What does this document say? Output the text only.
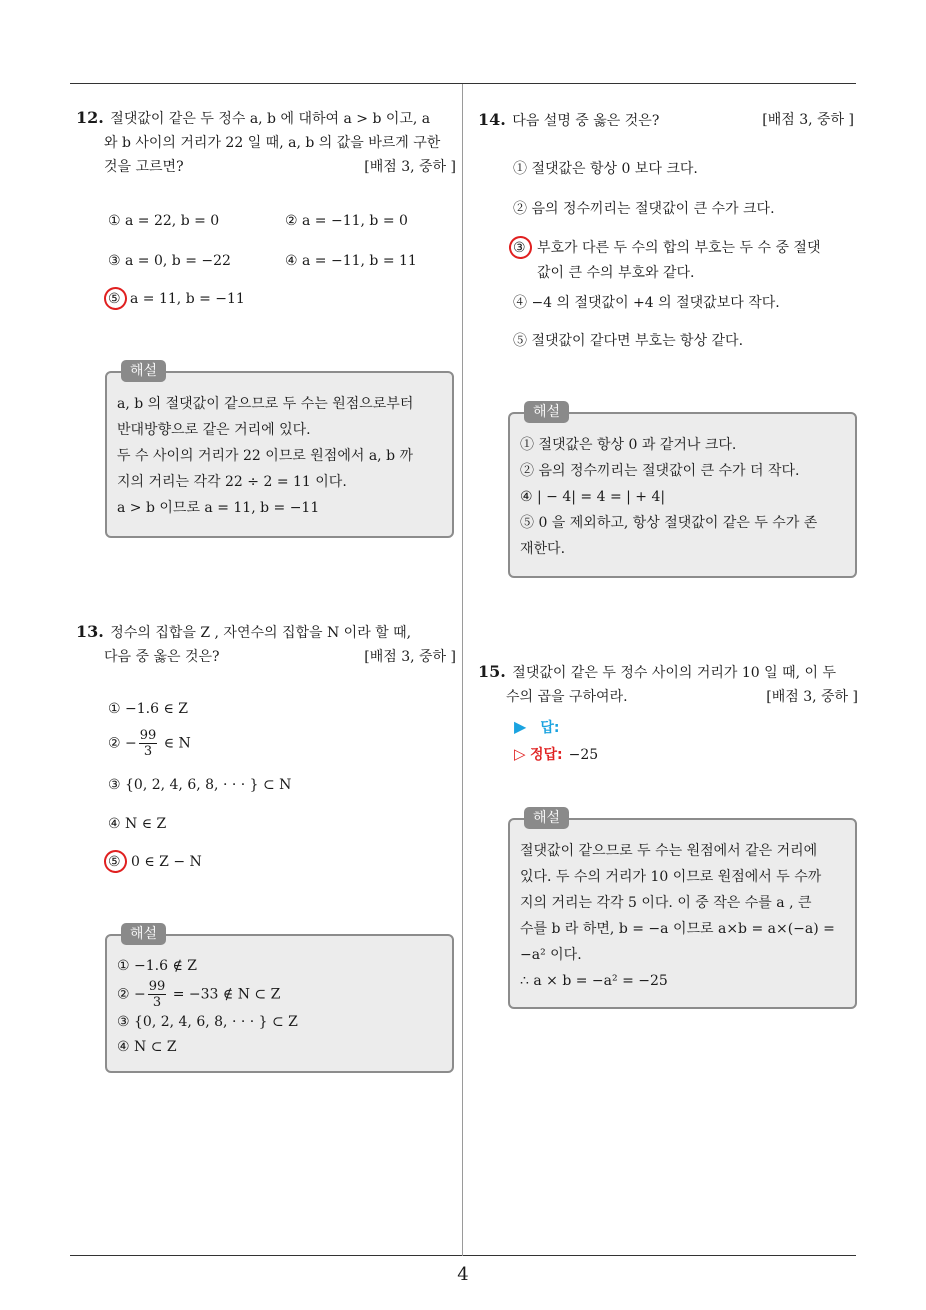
12. 절댓값이 같은 두 정수 a, b 에 대하여 a > b 이고, a
와 b 사이의 거리가 22 일 때, a, b 의 값을 바르게 구한
[배점 3, 중하 ]
것을 고르면?
① a = 22, b = 0	② a = −11, b = 0
③ a = 0, b = −22	④ a = −11, b = 11
⑤ a = 11, b = −11
해설
a, b 의 절댓값이 같으므로 두 수는 원점으로부터
반대방향으로 같은 거리에 있다.
두 수 사이의 거리가 22 이므로 원점에서 a, b 까
지의 거리는 각각 22 ÷ 2 = 11 이다.
a > b 이므로 a = 11, b = −11
13. 정수의 집합을 Z , 자연수의 집합을 N 이라 할 때,
[배점 3, 중하 ]
다음 중 옳은 것은?
① −1.6 ∈ Z
② − $\frac{99}{3}$ ∈ N
③ {0, 2, 4, 6, 8, · · · } ⊂ N
④ N ∈ Z
⑤ 0 ∈ Z − N
해설
① −1.6 ∉ Z
② − $\frac{99}{3} = -33$ ∉ N ⊂ Z
③ {0, 2, 4, 6, 8, · · · } ⊂ Z
④ N ⊂ Z
[배점 3, 중하 ]
14. 다음 설명 중 옳은 것은?
① 절댓값은 항상 0 보다 크다.
② 음의 정수끼리는 절댓값이 큰 수가 크다.
③ 부호가 다른 두 수의 합의 부호는 두 수 중 절댓
값이 큰 수의 부호와 같다.
④ −4 의 절댓값이 +4 의 절댓값보다 작다.
⑤ 절댓값이 같다면 부호는 항상 같다.
해설
① 절댓값은 항상 0 과 같거나 크다.
② 음의 정수끼리는 절댓값이 큰 수가 더 작다.
④ | − 4| = 4 = | + 4|
⑤ 0 을 제외하고, 항상 절댓값이 같은 두 수가 존
재한다.
15. 절댓값이 같은 두 정수 사이의 거리가 10 일 때, 이 두
[배점 3, 중하 ]
수의 곱을 구하여라.
▶ 답:
▷ 정답: −25
해설
절댓값이 같으므로 두 수는 원점에서 같은 거리에
있다. 두 수의 거리가 10 이므로 원점에서 두 수까
지의 거리는 각각 5 이다. 이 중 작은 수를 a , 큰
수를 b 라 하면, b = −a 이므로 a×b = a×(−a) =
−a² 이다.
∴ a × b = −a² = −25
4
